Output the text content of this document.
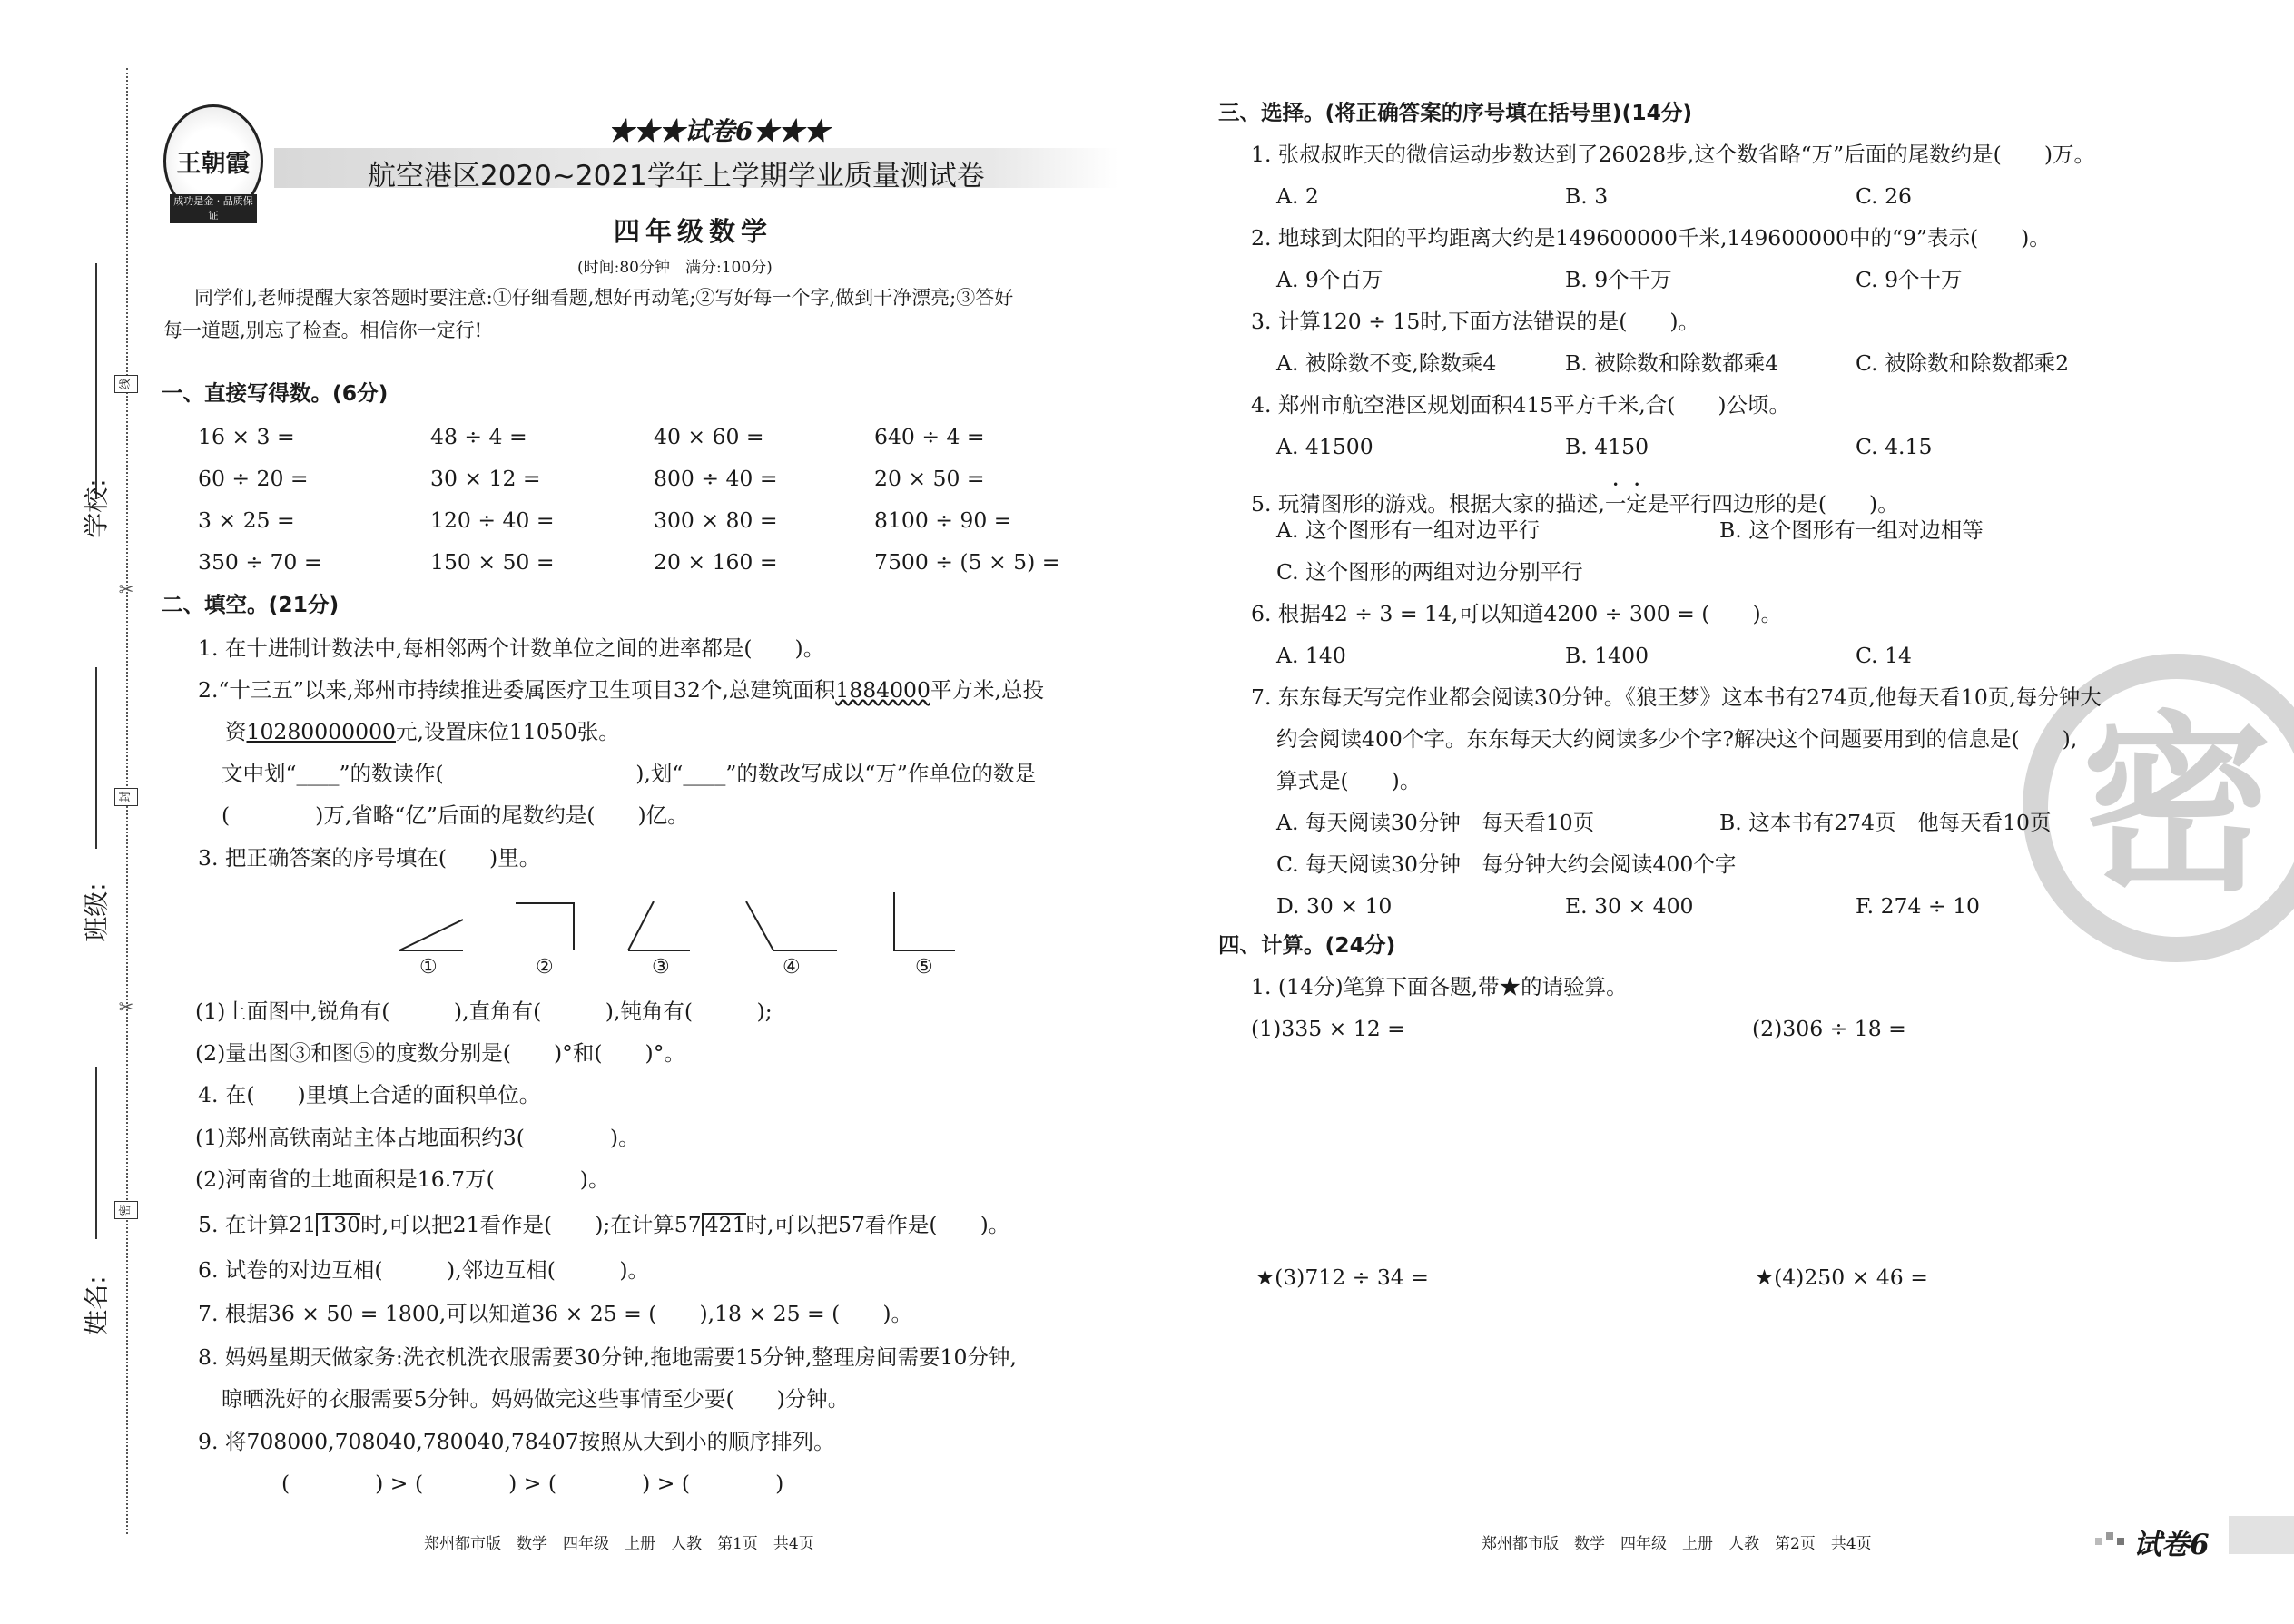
学校:
班级:
姓名:
线
封
密
✂
✂
王朝霞
成功是金 · 品质保证
★★★试卷6★★★
航空港区2020~2021学年上学期学业质量测试卷
四年级数学
(时间:80分钟　满分:100分)
同学们,老师提醒大家答题时要注意:①仔细看题,想好再动笔;②写好每一个字,做到干净漂亮;③答好
每一道题,别忘了检查。相信你一定行!
一、直接写得数。(6分)
16 × 3 =	48 ÷ 4 =	40 × 60 =	640 ÷ 4 =
60 ÷ 20 =	30 × 12 =	800 ÷ 40 =	20 × 50 =
3 × 25 =	120 ÷ 40 =	300 × 80 =	8100 ÷ 90 =
350 ÷ 70 =	150 × 50 =	20 × 160 =	7500 ÷ (5 × 5) =
二、填空。(21分)
1. 在十进制计数法中,每相邻两个计数单位之间的进率都是(　　)。
2.“十三五”以来,郑州市持续推进委属医疗卫生项目32个,总建筑面积1884000平方米,总投
资10280000000元,设置床位11050张。
文中划“____”的数读作(　　　　　　　　　),划“____”的数改写成以“万”作单位的数是
(　　　　)万,省略“亿”后面的尾数约是(　　)亿。
3. 把正确答案的序号填在(　　)里。
①	②	③	④	⑤
(1)上面图中,锐角有(　　　),直角有(　　　),钝角有(　　　);
(2)量出图③和图⑤的度数分别是(　　)°和(　　)°。
4. 在(　　)里填上合适的面积单位。
(1)郑州高铁南站主体占地面积约3(　　　　)。
(2)河南省的土地面积是16.7万(　　　　)。
5. 在计算21 130时,可以把21看作是(　　);在计算57 421时,可以把57看作是(　　)。
6. 试卷的对边互相(　　　),邻边互相(　　　)。
7. 根据36 × 50 = 1800,可以知道36 × 25 = (　　),18 × 25 = (　　)。
8. 妈妈星期天做家务:洗衣机洗衣服需要30分钟,拖地需要15分钟,整理房间需要10分钟,
晾晒洗好的衣服需要5分钟。妈妈做完这些事情至少要(　　)分钟。
9. 将708000,708040,780040,78407按照从大到小的顺序排列。
(　　　　) > (　　　　) > (　　　　) > (　　　　)
郑州都市版　数学　四年级　上册　人教　第1页　共4页
密
三、选择。(将正确答案的序号填在括号里)(14分)
1. 张叔叔昨天的微信运动步数达到了26028步,这个数省略“万”后面的尾数约是(　　)万。
A. 2	B. 3	C. 26
2. 地球到太阳的平均距离大约是149600000千米,149600000中的“9”表示(　　)。
A. 9个百万	B. 9个千万	C. 9个十万
3. 计算120 ÷ 15时,下面方法错误的是(　　)。
A. 被除数不变,除数乘4	B. 被除数和除数都乘4	C. 被除数和除数都乘2
4. 郑州市航空港区规划面积415平方千米,合(　　)公顷。
A. 41500	B. 4150	C. 4.15
5. 玩猜图形的游戏。根据大家的描述,一定是平行四边形的是(　　)。
A. 这个图形有一组对边平行	B. 这个图形有一组对边相等
C. 这个图形的两组对边分别平行
6. 根据42 ÷ 3 = 14,可以知道4200 ÷ 300 = (　　)。
A. 140	B. 1400	C. 14
7. 东东每天写完作业都会阅读30分钟。《狼王梦》这本书有274页,他每天看10页,每分钟大
约会阅读400个字。东东每天大约阅读多少个字?解决这个问题要用到的信息是(　　),
算式是(　　)。
A. 每天阅读30分钟　每天看10页	B. 这本书有274页　他每天看10页
C. 每天阅读30分钟　每分钟大约会阅读400个字
D. 30 × 10	E. 30 × 400	F. 274 ÷ 10
四、计算。(24分)
1. (14分)笔算下面各题,带★的请验算。
(1)335 × 12 =	(2)306 ÷ 18 =
★(3)712 ÷ 34 =	★(4)250 × 46 =
郑州都市版　数学　四年级　上册　人教　第2页　共4页	试卷6
